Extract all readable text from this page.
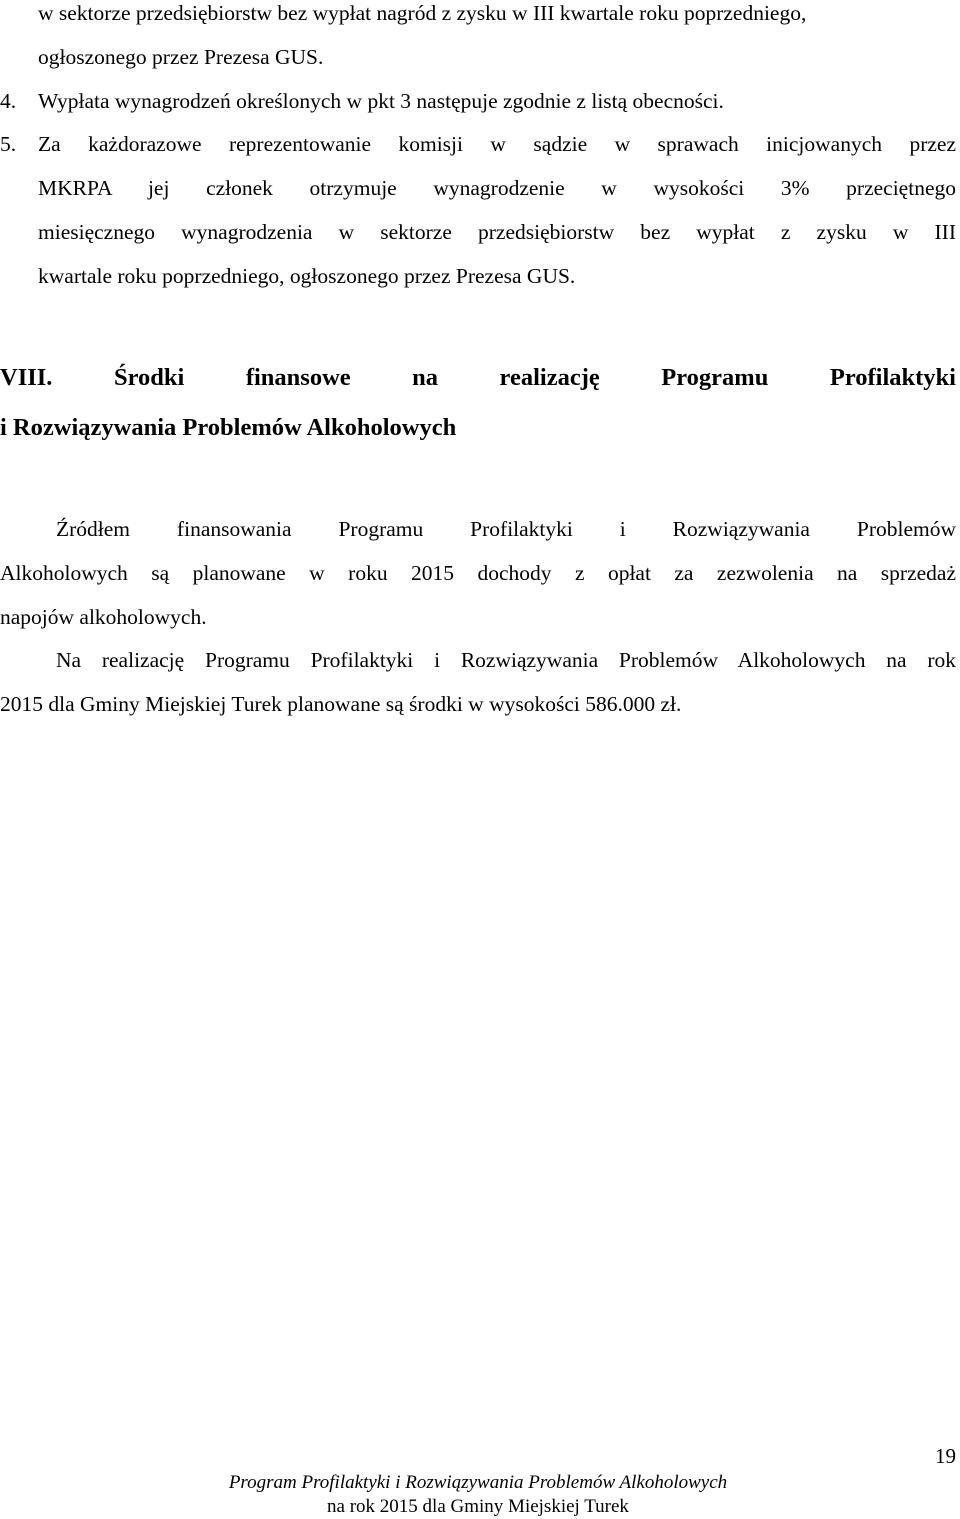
w sektorze przedsiębiorstw bez wypłat nagród z zysku w III kwartale roku poprzedniego,
ogłoszonego przez Prezesa GUS.
4. Wypłata wynagrodzeń określonych w pkt 3 następuje zgodnie z listą obecności.
5.	Za każdorazowe reprezentowanie komisji w sądzie w sprawach inicjowanych przez
MKRPA jej członek otrzymuje wynagrodzenie w wysokości 3% przeciętnego
miesięcznego wynagrodzenia w sektorze przedsiębiorstw bez wypłat z zysku w III
kwartale roku poprzedniego, ogłoszonego przez Prezesa GUS.
VIII. Środki finansowe na realizację Programu Profilaktyki
i Rozwiązywania Problemów Alkoholowych
Źródłem finansowania Programu Profilaktyki i Rozwiązywania Problemów
Alkoholowych są planowane w roku 2015 dochody z opłat za zezwolenia na sprzedaż
napojów alkoholowych.
Na realizację Programu Profilaktyki i Rozwiązywania Problemów Alkoholowych na rok
2015 dla Gminy Miejskiej Turek planowane są środki w wysokości 586.000 zł.
19
Program Profilaktyki i Rozwiązywania Problemów Alkoholowych
na rok 2015 dla Gminy Miejskiej Turek
